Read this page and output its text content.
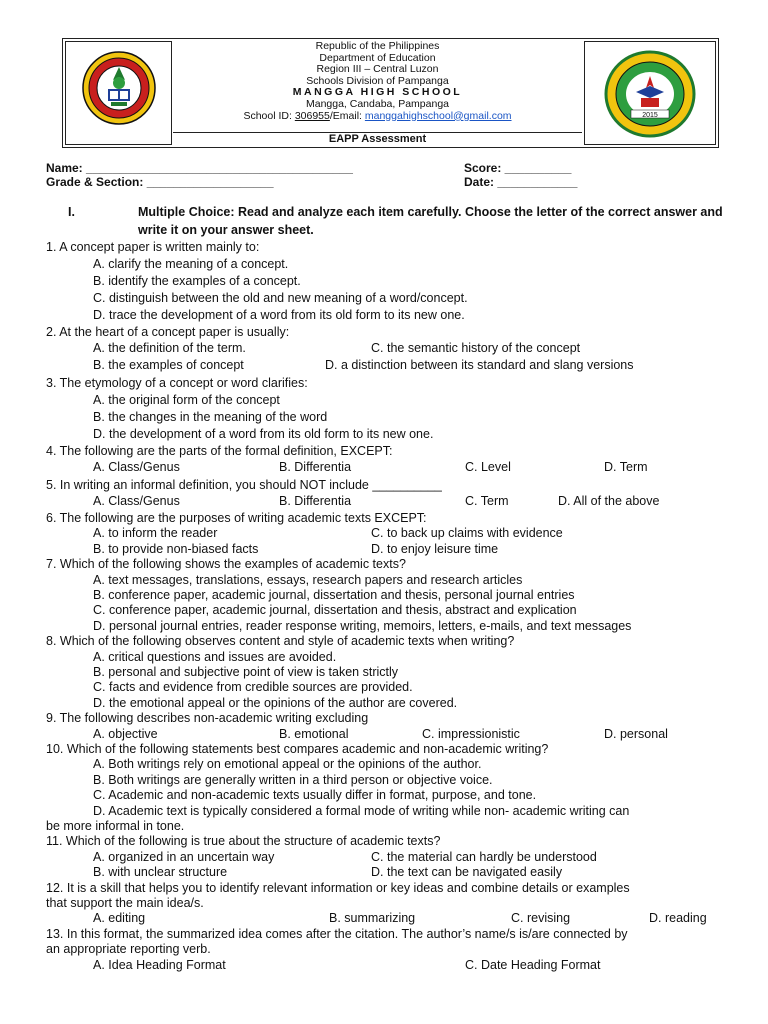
Republic of the Philippines
Department of Education
Region III – Central Luzon
Schools Division of Pampanga
MANGGA HIGH SCHOOL
Mangga, Candaba, Pampanga
School ID: 306955/Email: manggahighschool@gmail.com
EAPP Assessment
2015
Name: ________________________________________	Score: __________
Grade & Section: ___________________	Date: ____________
I.	Multiple Choice: Read and analyze each item carefully. Choose the letter of the correct answer and write it on your answer sheet.
1. A concept paper is written mainly to:
A. clarify the meaning of a concept.
B. identify the examples of a concept.
C. distinguish between the old and new meaning of a word/concept.
D. trace the development of a word from its old form to its new one.
2. At the heart of a concept paper is usually:
A. the definition of the term.	C. the semantic history of the concept
B. the examples of concept	D. a distinction between its standard and slang versions
3. The etymology of a concept or word clarifies:
A. the original form of the concept
B. the changes in the meaning of the word
D. the development of a word from its old form to its new one.
4. The following are the parts of the formal definition, EXCEPT:
A. Class/Genus	B. Differentia	C. Level	D. Term
5. In writing an informal definition, you should NOT include __________
A. Class/Genus	B. Differentia	C. Term	D. All of the above
6. The following are the purposes of writing academic texts EXCEPT:
A. to inform the reader	C. to back up claims with evidence
B. to provide non-biased facts	D. to enjoy leisure time
7. Which of the following shows the examples of academic texts?
A. text messages, translations, essays, research papers and research articles
B. conference paper, academic journal, dissertation and thesis, personal journal entries
C. conference paper, academic journal, dissertation and thesis, abstract and explication
D. personal journal entries, reader response writing, memoirs, letters, e-mails, and text messages
8. Which of the following observes content and style of academic texts when writing?
A. critical questions and issues are avoided.
B. personal and subjective point of view is taken strictly
C. facts and evidence from credible sources are provided.
D. the emotional appeal or the opinions of the author are covered.
9. The following describes non-academic writing excluding
A. objective	B. emotional	C. impressionistic	D. personal
10. Which of the following statements best compares academic and non-academic writing?
A. Both writings rely on emotional appeal or the opinions of the author.
B. Both writings are generally written in a third person or objective voice.
C. Academic and non-academic texts usually differ in format, purpose, and tone.
D. Academic text is typically considered a formal mode of writing while non- academic writing can
be more informal in tone.
11. Which of the following is true about the structure of academic texts?
A. organized in an uncertain way	C. the material can hardly be understood
B. with unclear structure	D. the text can be navigated easily
12. It is a skill that helps you to identify relevant information or key ideas and combine details or examples
that support the main idea/s.
A. editing	B. summarizing	C. revising	D. reading
13. In this format, the summarized idea comes after the citation. The author’s name/s is/are connected by
an appropriate reporting verb.
A. Idea Heading Format	C. Date Heading Format
